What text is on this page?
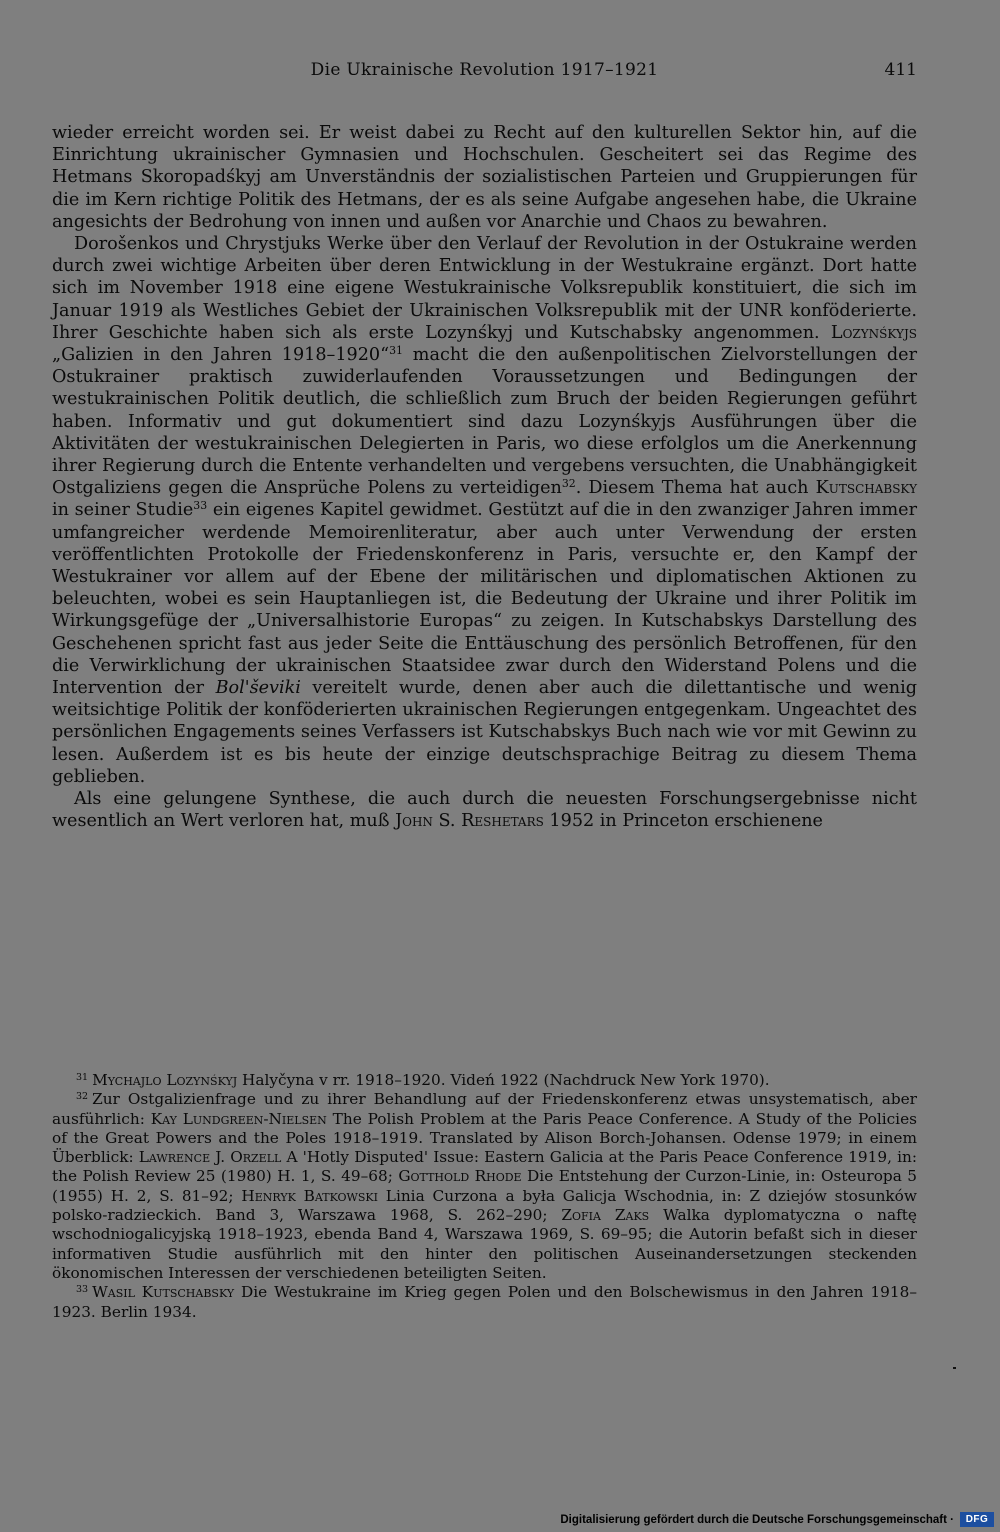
Die Ukrainische Revolution 1917–1921	411

wieder erreicht worden sei. Er weist dabei zu Recht auf den kulturellen Sektor hin, auf die Einrichtung ukrainischer Gymnasien und Hochschulen. Gescheitert sei das Regime des Hetmans Skoropadśkyj am Unverständnis der sozialistischen Parteien und Gruppierungen für die im Kern richtige Politik des Hetmans, der es als seine Aufgabe angesehen habe, die Ukraine angesichts der Bedrohung von innen und außen vor Anarchie und Chaos zu bewahren.

Dorošenkos und Chrystjuks Werke über den Verlauf der Revolution in der Ostukraine werden durch zwei wichtige Arbeiten über deren Entwicklung in der Westukraine ergänzt. Dort hatte sich im November 1918 eine eigene Westukrainische Volksrepublik konstituiert, die sich im Januar 1919 als Westliches Gebiet der Ukrainischen Volksrepublik mit der UNR konföderierte. Ihrer Geschichte haben sich als erste Lozynśkyj und Kutschabsky angenommen. Lozynśkyjs „Galizien in den Jahren 1918–1920“$^{31}$ macht die den außenpolitischen Zielvorstellungen der Ostukrainer praktisch zuwiderlaufenden Voraussetzungen und Bedingungen der westukrainischen Politik deutlich, die schließlich zum Bruch der beiden Regierungen geführt haben. Informativ und gut dokumentiert sind dazu Lozynśkyjs Ausführungen über die Aktivitäten der westukrainischen Delegierten in Paris, wo diese erfolglos um die Anerkennung ihrer Regierung durch die Entente verhandelten und vergebens versuchten, die Unabhängigkeit Ostgaliziens gegen die Ansprüche Polens zu verteidigen$^{32}$. Diesem Thema hat auch Kutschabsky in seiner Studie$^{33}$ ein eigenes Kapitel gewidmet. Gestützt auf die in den zwanziger Jahren immer umfangreicher werdende Memoirenliteratur, aber auch unter Verwendung der ersten veröffentlichten Protokolle der Friedenskonferenz in Paris, versuchte er, den Kampf der Westukrainer vor allem auf der Ebene der militärischen und diplomatischen Aktionen zu beleuchten, wobei es sein Hauptanliegen ist, die Bedeutung der Ukraine und ihrer Politik im Wirkungsgefüge der „Universalhistorie Europas“ zu zeigen. In Kutschabskys Darstellung des Geschehenen spricht fast aus jeder Seite die Enttäuschung des persönlich Betroffenen, für den die Verwirklichung der ukrainischen Staatsidee zwar durch den Widerstand Polens und die Intervention der Bol'ševiki vereitelt wurde, denen aber auch die dilettantische und wenig weitsichtige Politik der konföderierten ukrainischen Regierungen entgegenkam. Ungeachtet des persönlichen Engagements seines Verfassers ist Kutschabskys Buch nach wie vor mit Gewinn zu lesen. Außerdem ist es bis heute der einzige deutschsprachige Beitrag zu diesem Thema geblieben.

Als eine gelungene Synthese, die auch durch die neuesten Forschungsergebnisse nicht wesentlich an Wert verloren hat, muß John S. Reshetars 1952 in Princeton erschienene

$^{31}$ Mychajlo Lozynśkyj Halyčyna v rr. 1918–1920. Videń 1922 (Nachdruck New York 1970).

$^{32}$ Zur Ostgalizienfrage und zu ihrer Behandlung auf der Friedenskonferenz etwas unsystematisch, aber ausführlich: Kay Lundgreen-Nielsen The Polish Problem at the Paris Peace Conference. A Study of the Policies of the Great Powers and the Poles 1918–1919. Translated by Alison Borch-Johansen. Odense 1979; in einem Überblick: Lawrence J. Orzell A 'Hotly Disputed' Issue: Eastern Galicia at the Paris Peace Conference 1919, in: the Polish Review 25 (1980) H. 1, S. 49–68; Gotthold Rhode Die Entstehung der Curzon-Linie, in: Osteuropa 5 (1955) H. 2, S. 81–92; Henryk Batkowski Linia Curzona a była Galicja Wschodnia, in: Z dziejów stosunków polsko-radzieckich. Band 3, Warszawa 1968, S. 262–290; Zofia Zaks Walka dyplomatyczna o naftę wschodniogalicyjską 1918–1923, ebenda Band 4, Warszawa 1969, S. 69–95; die Autorin befaßt sich in dieser informativen Studie ausführlich mit den hinter den politischen Auseinandersetzungen steckenden ökonomischen Interessen der verschiedenen beteiligten Seiten.

$^{33}$ Wasil Kutschabsky Die Westukraine im Krieg gegen Polen und den Bolschewismus in den Jahren 1918–1923. Berlin 1934.

Digitalisierung gefördert durch die Deutsche Forschungsgemeinschaft ·	DFG
